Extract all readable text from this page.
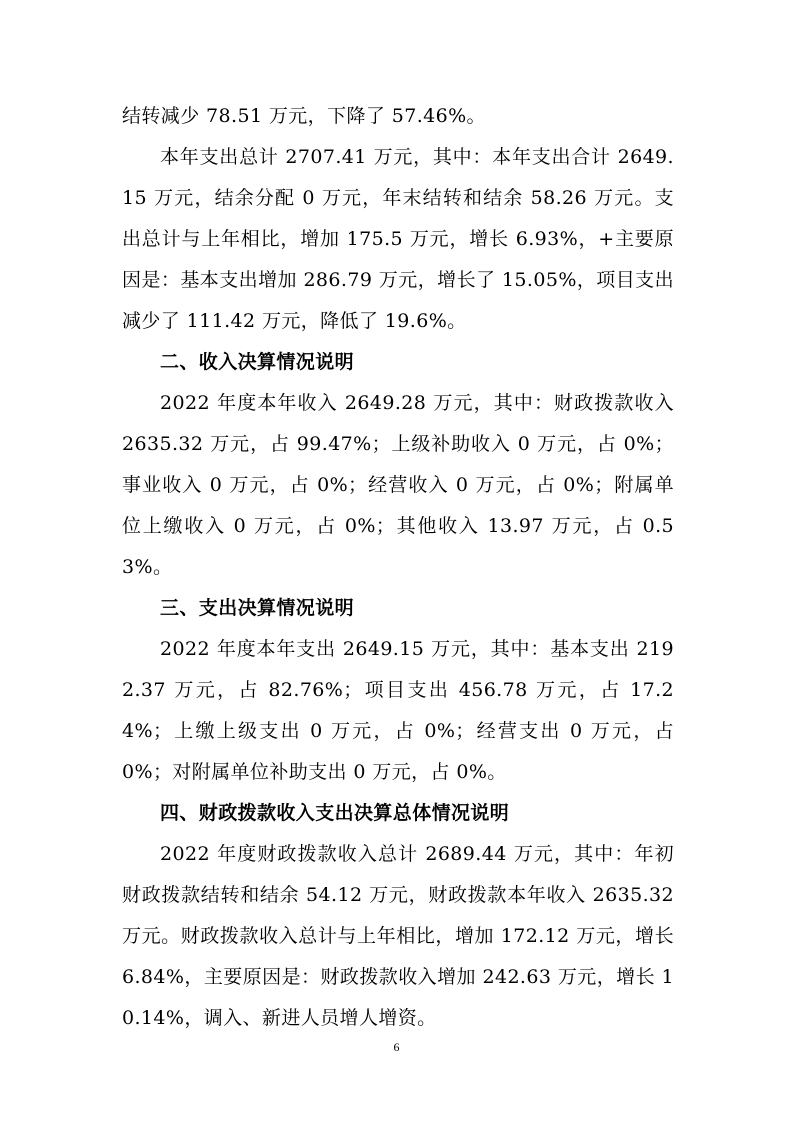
结转减少 78.51 万元，下降了 57.46%。

本年支出总计 2707.41 万元，其中：本年支出合计 2649.15 万元，结余分配 0 万元，年末结转和结余 58.26 万元。支出总计与上年相比，增加 175.5 万元，增长 6.93%，+主要原因是：基本支出增加 286.79 万元，增长了 15.05%，项目支出减少了 111.42 万元，降低了 19.6%。

二、收入决算情况说明

2022 年度本年收入 2649.28 万元，其中：财政拨款收入 2635.32 万元，占 99.47%；上级补助收入 0 万元，占 0%；事业收入 0 万元，占 0%；经营收入 0 万元，占 0%；附属单位上缴收入 0 万元，占 0%；其他收入 13.97 万元，占 0.53%。

三、支出决算情况说明

2022 年度本年支出 2649.15 万元，其中：基本支出 2192.37 万元，占 82.76%；项目支出 456.78 万元，占 17.24%；上缴上级支出 0 万元，占 0%；经营支出 0 万元，占 0%；对附属单位补助支出 0 万元，占 0%。

四、财政拨款收入支出决算总体情况说明

2022 年度财政拨款收入总计 2689.44 万元，其中：年初财政拨款结转和结余 54.12 万元，财政拨款本年收入 2635.32 万元。财政拨款收入总计与上年相比，增加 172.12 万元，增长 6.84%，主要原因是：财政拨款收入增加 242.63 万元，增长 10.14%，调入、新进人员增人增资。

6
